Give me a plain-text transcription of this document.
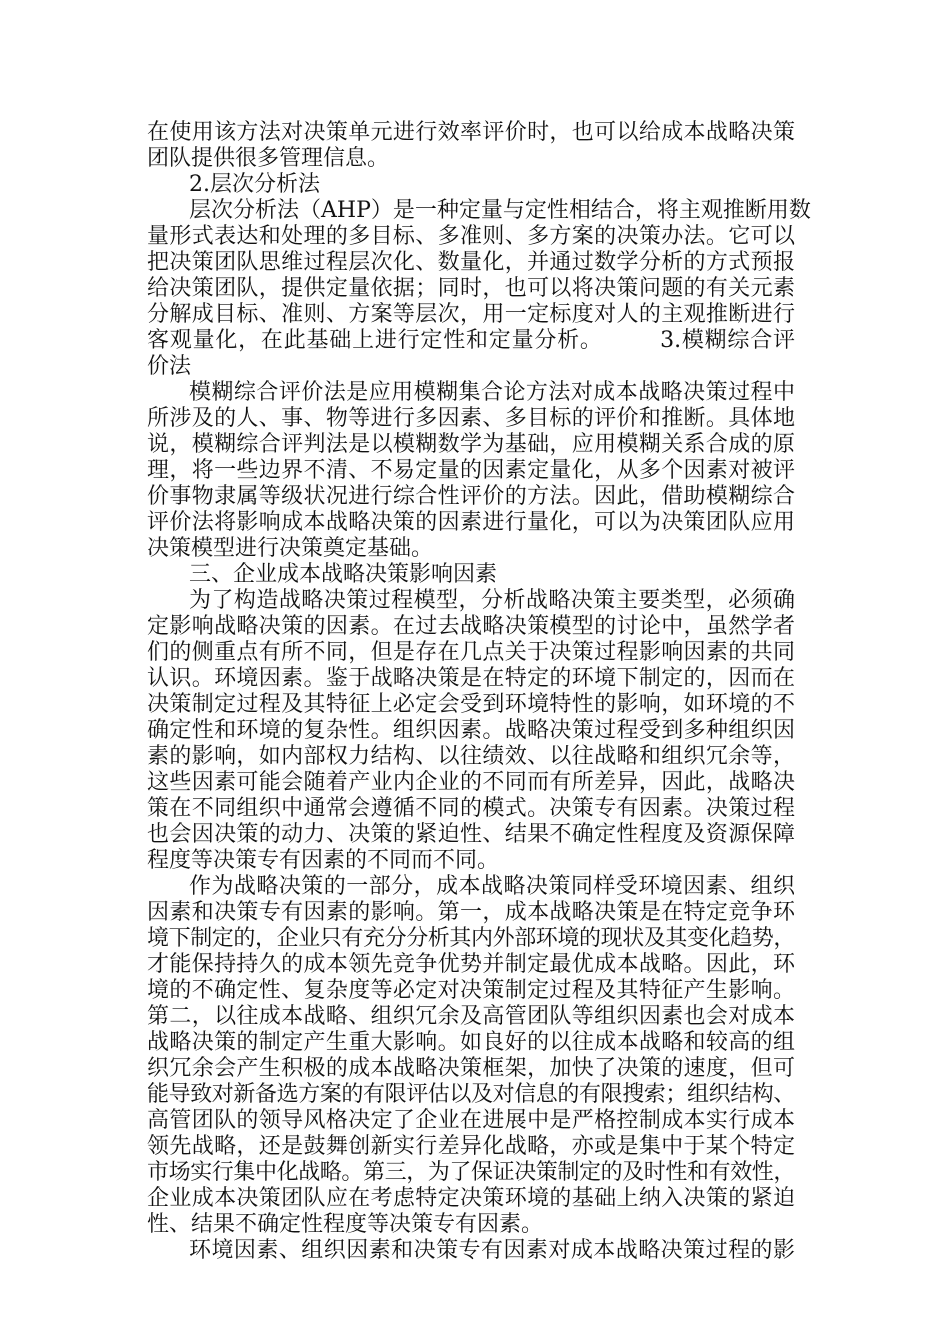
在使用该方法对决策单元进行效率评价时，也可以给成本战略决策
团队提供很多管理信息。
2.层次分析法
层次分析法（AHP）是一种定量与定性相结合，将主观推断用数
量形式表达和处理的多目标、多准则、多方案的决策办法。它可以
把决策团队思维过程层次化、数量化，并通过数学分析的方式预报
给决策团队，提供定量依据；同时，也可以将决策问题的有关元素
分解成目标、准则、方案等层次，用一定标度对人的主观推断进行
客观量化，在此基础上进行定性和定量分析。　　　3.模糊综合评
价法
模糊综合评价法是应用模糊集合论方法对成本战略决策过程中
所涉及的人、事、物等进行多因素、多目标的评价和推断。具体地
说，模糊综合评判法是以模糊数学为基础，应用模糊关系合成的原
理，将一些边界不清、不易定量的因素定量化，从多个因素对被评
价事物隶属等级状况进行综合性评价的方法。因此，借助模糊综合
评价法将影响成本战略决策的因素进行量化，可以为决策团队应用
决策模型进行决策奠定基础。
三、企业成本战略决策影响因素
为了构造战略决策过程模型，分析战略决策主要类型，必须确
定影响战略决策的因素。在过去战略决策模型的讨论中，虽然学者
们的侧重点有所不同，但是存在几点关于决策过程影响因素的共同
认识。环境因素。鉴于战略决策是在特定的环境下制定的，因而在
决策制定过程及其特征上必定会受到环境特性的影响，如环境的不
确定性和环境的复杂性。组织因素。战略决策过程受到多种组织因
素的影响，如内部权力结构、以往绩效、以往战略和组织冗余等，
这些因素可能会随着产业内企业的不同而有所差异，因此，战略决
策在不同组织中通常会遵循不同的模式。决策专有因素。决策过程
也会因决策的动力、决策的紧迫性、结果不确定性程度及资源保障
程度等决策专有因素的不同而不同。
作为战略决策的一部分，成本战略决策同样受环境因素、组织
因素和决策专有因素的影响。第一，成本战略决策是在特定竞争环
境下制定的，企业只有充分分析其内外部环境的现状及其变化趋势，
才能保持持久的成本领先竞争优势并制定最优成本战略。因此，环
境的不确定性、复杂度等必定对决策制定过程及其特征产生影响。
第二，以往成本战略、组织冗余及高管团队等组织因素也会对成本
战略决策的制定产生重大影响。如良好的以往成本战略和较高的组
织冗余会产生积极的成本战略决策框架，加快了决策的速度，但可
能导致对新备选方案的有限评估以及对信息的有限搜索；组织结构、
高管团队的领导风格决定了企业在进展中是严格控制成本实行成本
领先战略，还是鼓舞创新实行差异化战略，亦或是集中于某个特定
市场实行集中化战略。第三，为了保证决策制定的及时性和有效性，
企业成本决策团队应在考虑特定决策环境的基础上纳入决策的紧迫
性、结果不确定性程度等决策专有因素。
环境因素、组织因素和决策专有因素对成本战略决策过程的影
